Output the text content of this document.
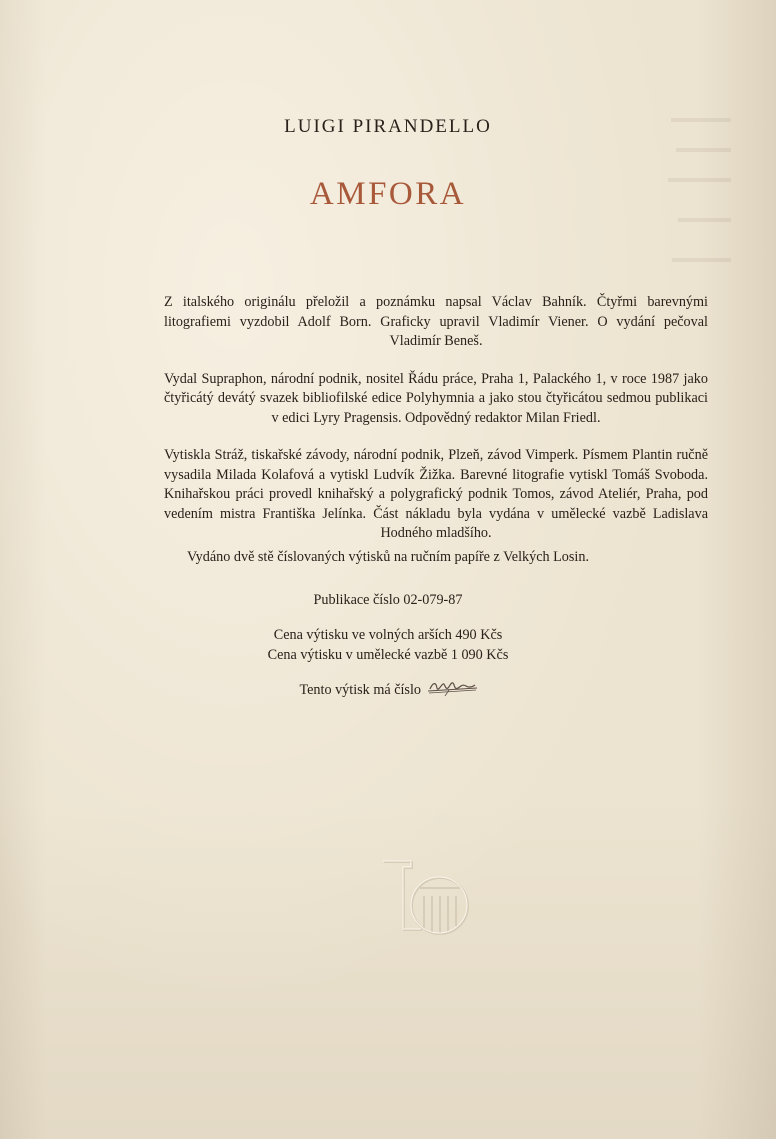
LUIGI PIRANDELLO
AMFORA

Z italského originálu přeložil a poznámku napsal Václav Bahník. Čtyřmi barevnými litografiemi vyzdobil Adolf Born. Graficky upravil Vladimír Viener. O vydání pečoval Vladimír Beneš.

Vydal Supraphon, národní podnik, nositel Řádu práce, Praha 1, Palackého 1, v roce 1987 jako čtyřicátý devátý svazek bibliofilské edice Polyhymnia a jako stou čtyřicátou sedmou publikaci v edici Lyry Pragensis. Odpovědný redaktor Milan Friedl.

Vytiskla Stráž, tiskařské závody, národní podnik, Plzeň, závod Vimperk. Písmem Plantin ručně vysadila Milada Kolafová a vytiskl Ludvík Žižka. Barevné litografie vytiskl Tomáš Svoboda. Knihařskou práci provedl knihařský a polygrafický podnik Tomos, závod Ateliér, Praha, pod vedením mistra Františka Jelínka. Část nákladu byla vydána v umělecké vazbě Ladislava Hodného mladšího.

Vydáno dvě stě číslovaných výtisků na ručním papíře z Velkých Losin.
Publikace číslo 02-079-87
Cena výtisku ve volných arších 490 Kčs
Cena výtisku v umělecké vazbě 1 090 Kčs
Tento výtisk má číslo
